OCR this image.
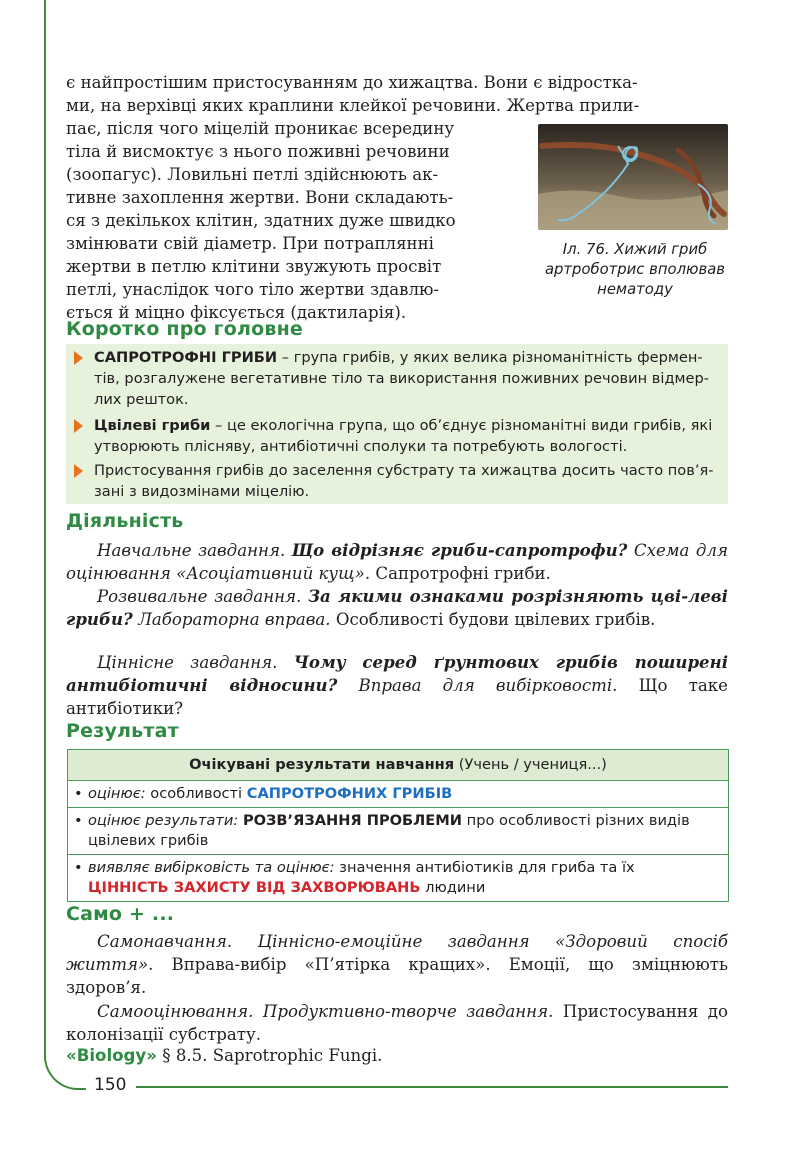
є найпростішим пристосуванням до хижацтва. Вони є відростка-
ми, на верхівці яких краплини клейкої речовини. Жертва прили-

пає, після чого міцелій проникає всередину
тіла й висмоктує з нього поживні речовини
(зоопагус). Ловильні петлі здійснюють ак-
тивне захоплення жертви. Вони складають-
ся з декількох клітин, здатних дуже швидко
змінювати свій діаметр. При потраплянні
жертви в петлю клітини звужують просвіт
петлі, унаслідок чого тіло жертви здавлю-
ється й міцно фіксується (дактиларія).
Іл. 76. Хижий гриб артроботрис вполював нематоду
Коротко про головне

САПРОТРОФНІ ГРИБИ – група грибів, у яких велика різноманітність фермен-тів, розгалужене вегетативне тіло та використання поживних речовин відмер-лих решток.

Цвілеві гриби – це екологічна група, що об’єднує різноманітні види грибів, які утворюють плісняву, антибіотичні сполуки та потребують вологості.

Пристосування грибів до заселення субстрату та хижацтва досить часто пов’я-зані з видозмінами міцелію.

Діяльність

Навчальне завдання. Що відрізняє гриби-сапротрофи? Схема для оцінювання «Асоціативний кущ». Сапротрофні гриби.

Розвивальне завдання. За якими ознаками розрізняють цві-леві гриби? Лабораторна вправа. Особливості будови цвілевих грибів.

Ціннісне завдання. Чому серед ґрунтових грибів поширені антибіотичні відносини? Вправа для вибірковості. Що таке антибіотики?

Результат
Очікувані результати навчання (Учень / учениця...)
• оцінює: особливості САПРОТРОФНИХ ГРИБІВ
• оцінює результати: РОЗВ’ЯЗАННЯ ПРОБЛЕМИ про особливості різних видів цвілевих грибів
• виявляє вибірковість та оцінює: значення антибіотиків для гриба та їх
ЦІННІСТЬ ЗАХИСТУ ВІД ЗАХВОРЮВАНЬ людини
Само + ...

Самонавчання. Ціннісно-емоційне завдання «Здоровий спосіб життя». Вправа-вибір «П’ятірка кращих». Емоції, що зміцнюють здоров’я.

Самооцінювання. Продуктивно-творче завдання. Пристосування до колонізації субстрату.

«Biology» § 8.5. Saprotrophic Fungi.

150
